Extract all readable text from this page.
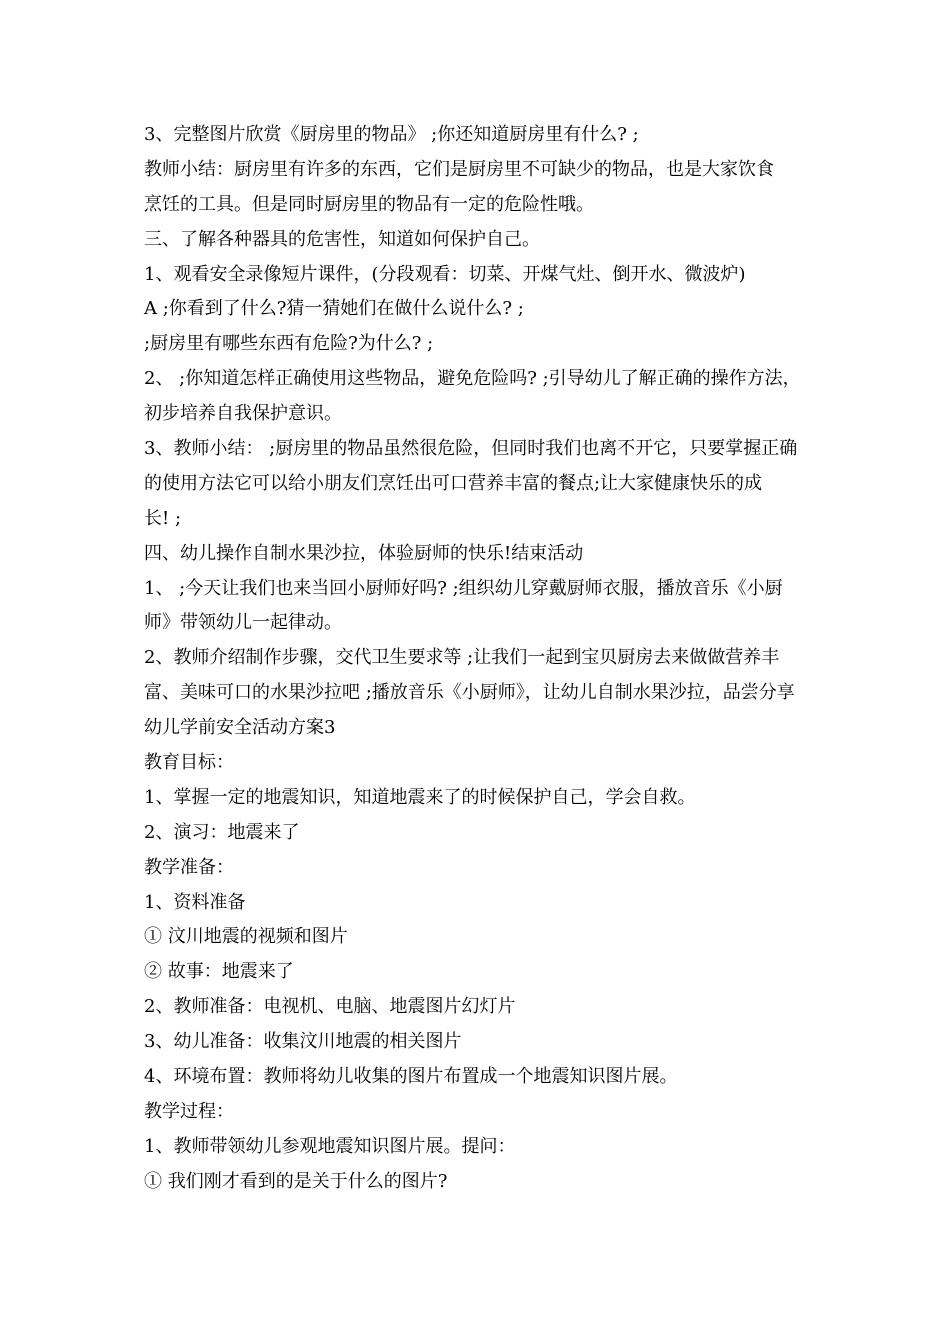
3、完整图片欣赏《厨房里的物品》 ;你还知道厨房里有什么? ;
教师小结：厨房里有许多的东西，它们是厨房里不可缺少的物品，也是大家饮食
烹饪的工具。但是同时厨房里的物品有一定的危险性哦。
三、了解各种器具的危害性，知道如何保护自己。
1、观看安全录像短片课件，(分段观看：切菜、开煤气灶、倒开水、微波炉)
A ;你看到了什么?猜一猜她们在做什么说什么? ;
;厨房里有哪些东西有危险?为什么? ;
2、 ;你知道怎样正确使用这些物品，避免危险吗? ;引导幼儿了解正确的操作方法，
初步培养自我保护意识。
3、教师小结： ;厨房里的物品虽然很危险，但同时我们也离不开它，只要掌握正确
的使用方法它可以给小朋友们烹饪出可口营养丰富的餐点;让大家健康快乐的成
长! ;
四、幼儿操作自制水果沙拉，体验厨师的快乐!结束活动
1、 ;今天让我们也来当回小厨师好吗? ;组织幼儿穿戴厨师衣服，播放音乐《小厨
师》带领幼儿一起律动。
2、教师介绍制作步骤，交代卫生要求等 ;让我们一起到宝贝厨房去来做做营养丰
富、美味可口的水果沙拉吧 ;播放音乐《小厨师》，让幼儿自制水果沙拉，品尝分享
幼儿学前安全活动方案3
教育目标：
1、掌握一定的地震知识，知道地震来了的时候保护自己，学会自救。
2、演习：地震来了
教学准备：
1、资料准备
① 汶川地震的视频和图片
② 故事：地震来了
2、教师准备：电视机、电脑、地震图片幻灯片
3、幼儿准备：收集汶川地震的相关图片
4、环境布置：教师将幼儿收集的图片布置成一个地震知识图片展。
教学过程：
1、教师带领幼儿参观地震知识图片展。提问：
① 我们刚才看到的是关于什么的图片?
